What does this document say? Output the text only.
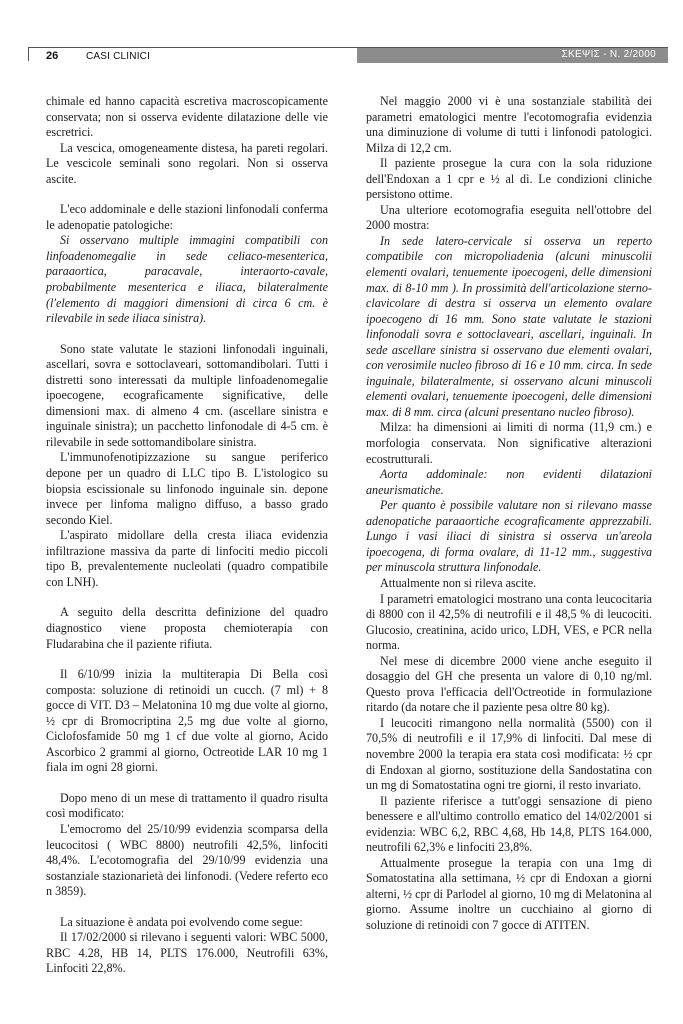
26	CASI CLINICI	ΣΚΕΨΙΣ - N. 2/2000

chimale ed hanno capacità escretiva macroscopicamente conservata; non si osserva evidente dilatazione delle vie escretrici.

La vescica, omogeneamente distesa, ha pareti regolari. Le vescicole seminali sono regolari. Non si osserva ascite.

L'eco addominale e delle stazioni linfonodali conferma le adenopatie patologiche:

Si osservano multiple immagini compatibili con linfoadenomegalie in sede celiaco-mesenterica, paraaortica, paracavale, interaorto-cavale, probabilmente mesenterica e iliaca, bilateralmente (l'elemento di maggiori dimensioni di circa 6 cm. è rilevabile in sede iliaca sinistra).

Sono state valutate le stazioni linfonodali inguinali, ascellari, sovra e sottoclaveari, sottomandibolari. Tutti i distretti sono interessati da multiple linfoadenomegalie ipoecogene, ecograficamente significative, delle dimensioni max. di almeno 4 cm. (ascellare sinistra e inguinale sinistra); un pacchetto linfonodale di 4-5 cm. è rilevabile in sede sottomandibolare sinistra.

L'immunofenotipizzazione su sangue periferico depone per un quadro di LLC tipo B. L'istologico su biopsia escissionale su linfonodo inguinale sin. depone invece per linfoma maligno diffuso, a basso grado secondo Kiel.

L'aspirato midollare della cresta iliaca evidenzia infiltrazione massiva da parte di linfociti medio piccoli tipo B, prevalentemente nucleolati (quadro compatibile con LNH).

A seguito della descritta definizione del quadro diagnostico viene proposta chemioterapia con Fludarabina che il paziente rifiuta.

Il 6/10/99 inizia la multiterapia Di Bella così composta: soluzione di retinoidi un cucch. (7 ml) + 8 gocce di VIT. D3 – Melatonina 10 mg due volte al giorno, ½ cpr di Bromocriptina 2,5 mg due volte al giorno, Ciclofosfamide 50 mg 1 cf due volte al giorno, Acido Ascorbico 2 grammi al giorno, Octreotide LAR 10 mg 1 fiala im ogni 28 giorni.

Dopo meno di un mese di trattamento il quadro risulta così modificato:

L'emocromo del 25/10/99 evidenzia scomparsa della leucocitosi ( WBC 8800) neutrofili 42,5%, linfociti 48,4%. L'ecotomografia del 29/10/99 evidenzia una sostanziale stazionarietà dei linfonodi. (Vedere referto eco n 3859).

La situazione è andata poi evolvendo come segue:

Il 17/02/2000 si rilevano i seguenti valori: WBC 5000, RBC 4.28, HB 14, PLTS 176.000, Neutrofili 63%, Linfociti 22,8%.

Nel maggio 2000 vi è una sostanziale stabilità dei parametri ematologici mentre l'ecotomografia evidenzia una diminuzione di volume di tutti i linfonodi patologici. Milza di 12,2 cm.

Il paziente prosegue la cura con la sola riduzione dell'Endoxan a 1 cpr e ½ al dì. Le condizioni cliniche persistono ottime.

Una ulteriore ecotomografia eseguita nell'ottobre del 2000 mostra:

In sede latero-cervicale si osserva un reperto compatibile con micropoliadenia (alcuni minuscolii elementi ovalari, tenuemente ipoecogeni, delle dimensioni max. di 8-10 mm ). In prossimità dell'articolazione sterno-clavicolare di destra si osserva un elemento ovalare ipoecogeno di 16 mm. Sono state valutate le stazioni linfonodali sovra e sottoclaveari, ascellari, inguinali. In sede ascellare sinistra si osservano due elementi ovalari, con verosimile nucleo fibroso di 16 e 10 mm. circa. In sede inguinale, bilateralmente, si osservano alcuni minuscoli elementi ovalari, tenuemente ipoecogeni, delle dimensioni max. di 8 mm. circa (alcuni presentano nucleo fibroso).

Milza: ha dimensioni ai limiti di norma (11,9 cm.) e morfologia conservata. Non significative alterazioni ecostrutturali.

Aorta addominale: non evidenti dilatazioni aneurismatiche.

Per quanto è possibile valutare non si rilevano masse adenopatiche paraaortiche ecograficamente apprezzabili. Lungo i vasi iliaci di sinistra si osserva un'areola ipoecogena, di forma ovalare, di 11-12 mm., suggestiva per minuscola struttura linfonodale.

Attualmente non si rileva ascite.

I parametri ematologici mostrano una conta leucocitaria di 8800 con il 42,5% di neutrofili e il 48,5 % di leucociti. Glucosio, creatinina, acido urico, LDH, VES, e PCR nella norma.

Nel mese di dicembre 2000 viene anche eseguito il dosaggio del GH che presenta un valore di 0,10 ng/ml. Questo prova l'efficacia dell'Octreotide in formulazione ritardo (da notare che il paziente pesa oltre 80 kg).

I leucociti rimangono nella normalità (5500) con il 70,5% di neutrofili e il 17,9% di linfociti. Dal mese di novembre 2000 la terapia era stata così modificata: ½ cpr di Endoxan al giorno, sostituzione della Sandostatina con un mg di Somatostatina ogni tre giorni, il resto invariato.

Il paziente riferisce a tutt'oggi sensazione di pieno benessere e all'ultimo controllo ematico del 14/02/2001 si evidenzia: WBC 6,2, RBC 4,68, Hb 14,8, PLTS 164.000, neutrofili 62,3% e linfociti 23,8%.

Attualmente prosegue la terapia con una 1mg di Somatostatina alla settimana, ½ cpr di Endoxan a giorni alterni, ½ cpr di Parlodel al giorno, 10 mg di Melatonina al giorno. Assume inoltre un cucchiaino al giorno di soluzione di retinoidi con 7 gocce di ATITEN.
